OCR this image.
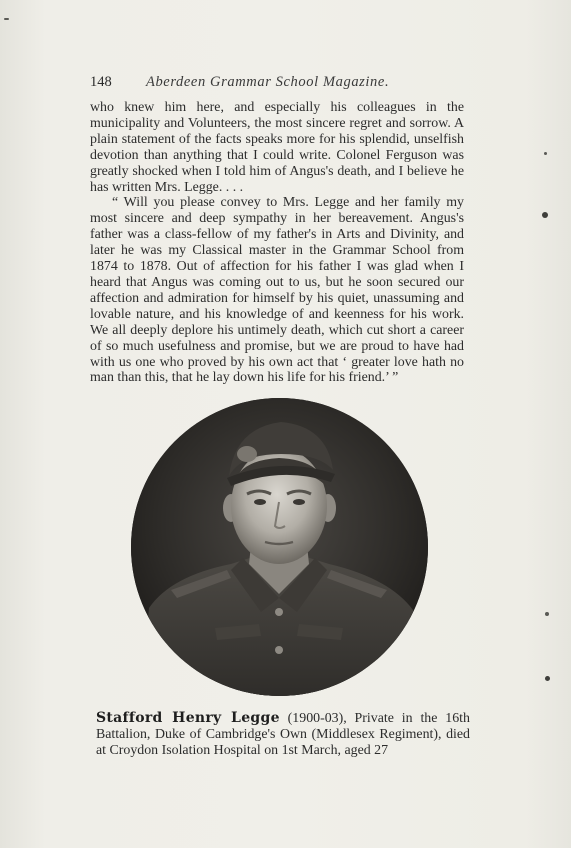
148 Aberdeen Grammar School Magazine.

who knew him here, and especially his colleagues in the municipality and Volunteers, the most sincere regret and sorrow. A plain statement of the facts speaks more for his splendid, unselfish devotion than anything that I could write. Colonel Ferguson was greatly shocked when I told him of Angus's death, and I believe he has written Mrs. Legge. . . .

“ Will you please convey to Mrs. Legge and her family my most sincere and deep sympathy in her bereavement. Angus's father was a class-fellow of my father's in Arts and Divinity, and later he was my Classical master in the Grammar School from 1874 to 1878. Out of affection for his father I was glad when I heard that Angus was coming out to us, but he soon secured our affection and admiration for himself by his quiet, unassuming and lovable nature, and his knowledge of and keenness for his work. We all deeply deplore his untimely death, which cut short a career of so much usefulness and promise, but we are proud to have had with us one who proved by his own act that ‘ greater love hath no man than this, that he lay down his life for his friend.’ ”

Stafford Henry Legge (1900-03), Private in the 16th Battalion, Duke of Cambridge's Own (Middlesex Regiment), died at Croydon Isolation Hospital on 1st March, aged 27
